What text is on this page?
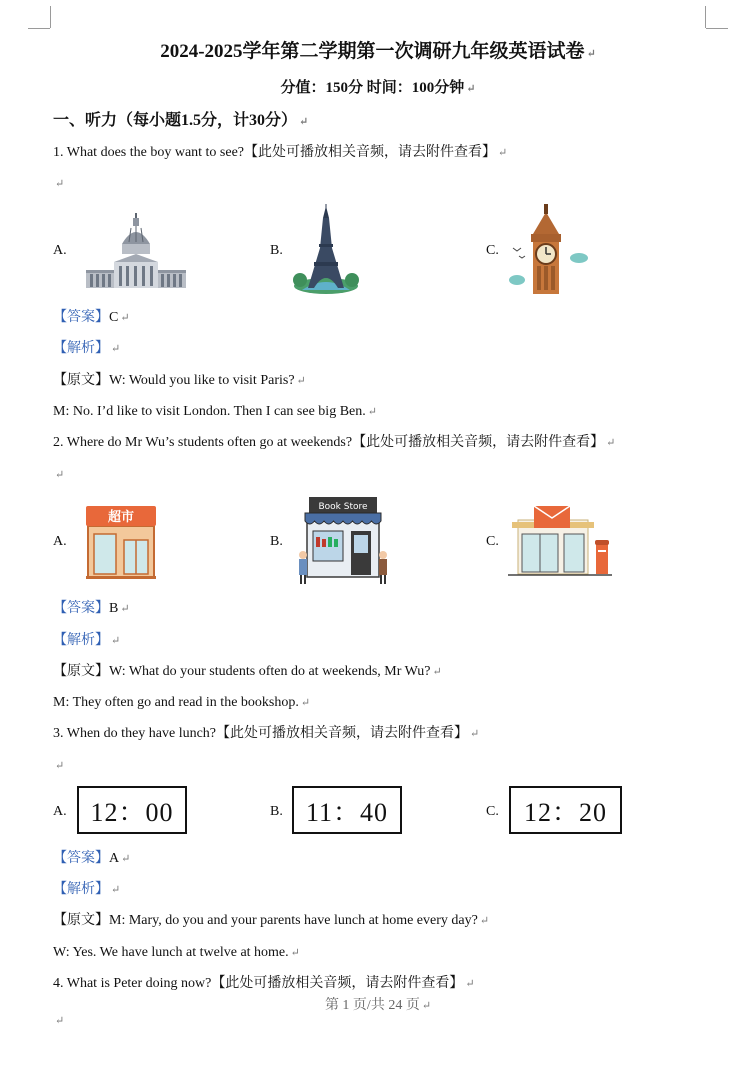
2024-2025学年第二学期第一次调研九年级英语试卷 ↵
分值：150分 时间：100分钟 ↵
一、听力（每小题1.5分，计30分） ↵
1. What does the boy want to see?【此处可播放相关音频，请去附件查看】 ↵
↵
A.	B.	C.
【答案】C ↵
【解析】 ↵
【原文】W: Would you like to visit Paris? ↵
M: No. I’d like to visit London. Then I can see big Ben. ↵
2. Where do Mr Wu’s students often go at weekends?【此处可播放相关音频，请去附件查看】 ↵
↵
A.
超市
B.
Book Store
C.
【答案】B ↵
【解析】 ↵
【原文】W: What do your students often do at weekends, Mr Wu? ↵
M: They often go and read in the bookshop. ↵
3. When do they have lunch?【此处可播放相关音频，请去附件查看】 ↵
↵
A. 12：00	B. 11：40	C. 12：20
【答案】A ↵
【解析】 ↵
【原文】M: Mary, do you and your parents have lunch at home every day? ↵
W: Yes. We have lunch at twelve at home. ↵
4. What is Peter doing now?【此处可播放相关音频，请去附件查看】 ↵
第 1 页/共 24 页 ↵
↵
